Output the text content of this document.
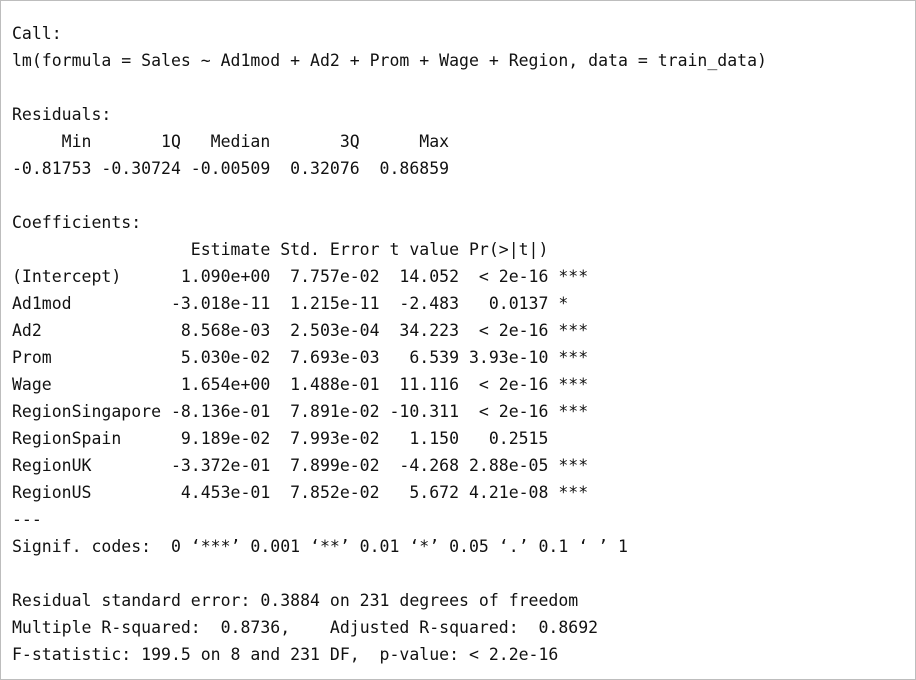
Call:
lm(formula = Sales ~ Ad1mod + Ad2 + Prom + Wage + Region, data = train_data)
Residuals:
Min       1Q   Median       3Q      Max
-0.81753 -0.30724 -0.00509  0.32076  0.86859
Coefficients:
Estimate Std. Error t value Pr(>|t|)
(Intercept)      1.090e+00  7.757e-02  14.052  < 2e-16 ***
Ad1mod          -3.018e-11  1.215e-11  -2.483   0.0137 *
Ad2              8.568e-03  2.503e-04  34.223  < 2e-16 ***
Prom             5.030e-02  7.693e-03   6.539 3.93e-10 ***
Wage             1.654e+00  1.488e-01  11.116  < 2e-16 ***
RegionSingapore -8.136e-01  7.891e-02 -10.311  < 2e-16 ***
RegionSpain      9.189e-02  7.993e-02   1.150   0.2515
RegionUK        -3.372e-01  7.899e-02  -4.268 2.88e-05 ***
RegionUS         4.453e-01  7.852e-02   5.672 4.21e-08 ***
---
Signif. codes:  0 ‘***’ 0.001 ‘**’ 0.01 ‘*’ 0.05 ‘.’ 0.1 ‘ ’ 1
Residual standard error: 0.3884 on 231 degrees of freedom
Multiple R-squared:  0.8736,	Adjusted R-squared:  0.8692
F-statistic: 199.5 on 8 and 231 DF,  p-value: < 2.2e-16
